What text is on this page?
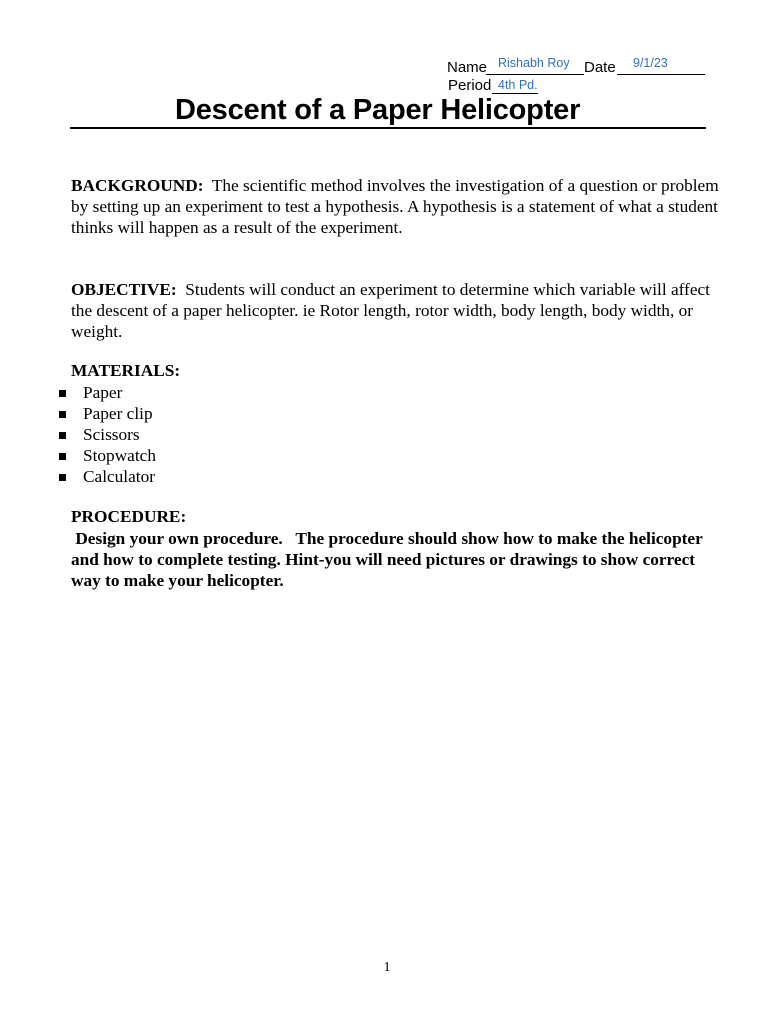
Name Rishabh Roy Date 9/1/23
Period 4th Pd.
Descent of a Paper Helicopter
BACKGROUND: The scientific method involves the investigation of a question or problem by setting up an experiment to test a hypothesis. A hypothesis is a statement of what a student thinks will happen as a result of the experiment.
OBJECTIVE: Students will conduct an experiment to determine which variable will affect the descent of a paper helicopter. ie Rotor length, rotor width, body length, body width, or weight.
MATERIALS:
Paper
Paper clip
Scissors
Stopwatch
Calculator
PROCEDURE:
Design your own procedure.   The procedure should show how to make the helicopter and how to complete testing. Hint-you will need pictures or drawings to show correct way to make your helicopter.
1
